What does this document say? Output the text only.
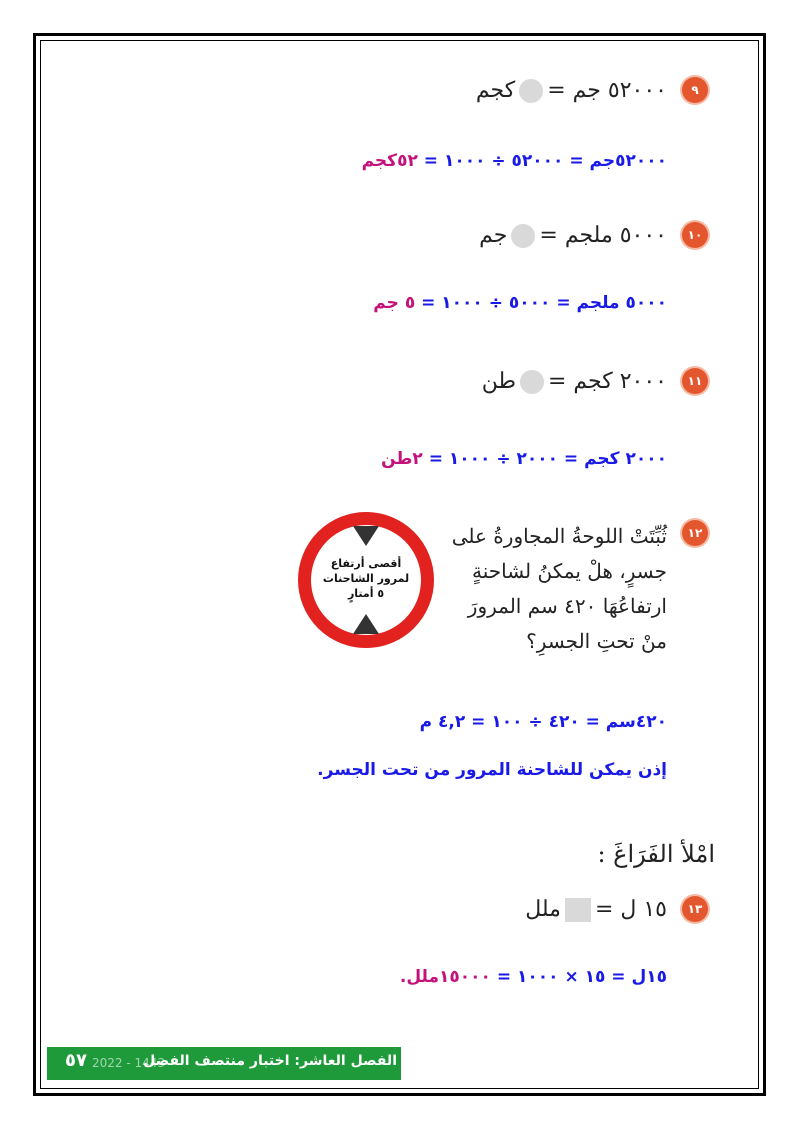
٩
٥٢٠٠٠ جم =كجم
٥٢٠٠٠جم = ٥٢٠٠٠ ÷ ١٠٠٠ = ٥٢كجم
١٠
٥٠٠٠ ملجم =جم
٥٠٠٠ ملجم = ٥٠٠٠ ÷ ١٠٠٠ = ٥ جم
١١
٢٠٠٠ كجم =طن
٢٠٠٠ كجم = ٢٠٠٠ ÷ ١٠٠٠ = ٢طن
١٢
ثُبِّتَتْ اللوحةُ المجاورةُ على
جسرٍ، هلْ يمكنُ لشاحنةٍ
ارتفاعُهَا ٤٢٠ سم المرورَ
منْ تحتِ الجسرِ؟
أقصى أرتفاع
لمرور الشاحنات
٥ أمتارٍ
٤٢٠سم = ٤٢٠ ÷ ١٠٠ = ٤,٢ م
إذن يمكن للشاحنة المرور من تحت الجسر.
امْلأ الفَرَاغَ :
١٣
١٥ ل =ملل
١٥ل = ١٥ × ١٠٠٠ = ١٥٠٠٠ملل.
٥٧ 2022 - 1443
الفصل العاشر: اختبار منتصف الفصل
